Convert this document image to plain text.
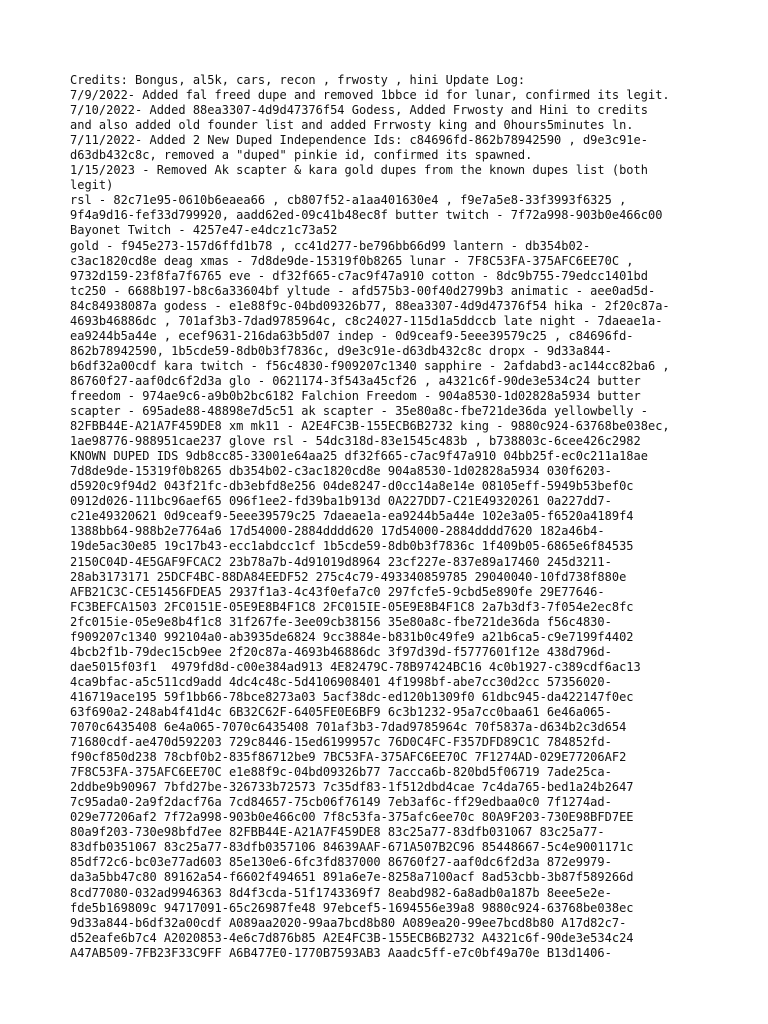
Credits: Bongus, al5k, cars, recon , frwosty , hini Update Log:
7/9/2022- Added fal freed dupe and removed 1bbce id for lunar, confirmed its legit.
7/10/2022- Added 88ea3307-4d9d47376f54 Godess, Added Frwosty and Hini to credits
and also added old founder list and added Frrwosty king and 0hours5minutes ln.
7/11/2022- Added 2 New Duped Independence Ids: c84696fd-862b78942590 , d9e3c91e-
d63db432c8c, removed a "duped" pinkie id, confirmed its spawned.
1/15/2023 - Removed Ak scapter & kara gold dupes from the known dupes list (both
legit)
rsl - 82c71e95-0610b6eaea66 , cb807f52-a1aa401630e4 , f9e7a5e8-33f3993f6325 ,
9f4a9d16-fef33d799920, aadd62ed-09c41b48ec8f butter twitch - 7f72a998-903b0e466c00
Bayonet Twitch - 4257e47-e4dcz1c73a52
gold - f945e273-157d6ffd1b78 , cc41d277-be796bb66d99 lantern - db354b02-
c3ac1820cd8e deag xmas - 7d8de9de-15319f0b8265 lunar - 7F8C53FA-375AFC6EE70C ,
9732d159-23f8fa7f6765 eve - df32f665-c7ac9f47a910 cotton - 8dc9b755-79edcc1401bd
tc250 - 6688b197-b8c6a33604bf yltude - afd575b3-00f40d2799b3 animatic - aee0ad5d-
84c84938087a godess - e1e88f9c-04bd09326b77, 88ea3307-4d9d47376f54 hika - 2f20c87a-
4693b46886dc , 701af3b3-7dad9785964c, c8c24027-115d1a5ddccb late night - 7daeae1a-
ea9244b5a44e , ecef9631-216da63b5d07 indep - 0d9ceaf9-5eee39579c25 , c84696fd-
862b78942590, 1b5cde59-8db0b3f7836c, d9e3c91e-d63db432c8c dropx - 9d33a844-
b6df32a00cdf kara twitch - f56c4830-f909207c1340 sapphire - 2afdabd3-ac144cc82ba6 ,
86760f27-aaf0dc6f2d3a glo - 0621174-3f543a45cf26 , a4321c6f-90de3e534c24 butter
freedom - 974ae9c6-a9b0b2bc6182 Falchion Freedom - 904a8530-1d02828a5934 butter
scapter - 695ade88-48898e7d5c51 ak scapter - 35e80a8c-fbe721de36da yellowbelly -
82FBB44E-A21A7F459DE8 xm mk11 - A2E4FC3B-155ECB6B2732 king - 9880c924-63768be038ec,
1ae98776-988951cae237 glove rsl - 54dc318d-83e1545c483b , b738803c-6cee426c2982
KNOWN DUPED IDS 9db8cc85-33001e64aa25 df32f665-c7ac9f47a910 04bb25f-ec0c211a18ae
7d8de9de-15319f0b8265 db354b02-c3ac1820cd8e 904a8530-1d02828a5934 030f6203-
d5920c9f94d2 043f21fc-db3ebfd8e256 04de8247-d0cc14a8e14e 08105eff-5949b53bef0c
0912d026-111bc96aef65 096f1ee2-fd39ba1b913d 0A227DD7-C21E49320261 0a227dd7-
c21e49320621 0d9ceaf9-5eee39579c25 7daeae1a-ea9244b5a44e 102e3a05-f6520a4189f4
1388bb64-988b2e7764a6 17d54000-2884dddd620 17d54000-2884dddd7620 182a46b4-
19de5ac30e85 19c17b43-ecc1abdcc1cf 1b5cde59-8db0b3f7836c 1f409b05-6865e6f84535
2150C04D-4E5GAF9FCAC2 23b78a7b-4d91019d8964 23cf227e-837e89a17460 245d3211-
28ab3173171 25DCF4BC-88DA84EEDF52 275c4c79-493340859785 29040040-10fd738f880e
AFB21C3C-CE51456FDEA5 2937f1a3-4c43f0efa7c0 297fcfe5-9cbd5e890fe 29E77646-
FC3BEFCA1503 2FC0151E-05E9E8B4F1C8 2FC015IE-05E9E8B4F1C8 2a7b3df3-7f054e2ec8fc
2fc015ie-05e9e8b4f1c8 31f267fe-3ee09cb38156 35e80a8c-fbe721de36da f56c4830-
f909207c1340 992104a0-ab3935de6824 9cc3884e-b831b0c49fe9 a21b6ca5-c9e7199f4402
4bcb2f1b-79dec15cb9ee 2f20c87a-4693b46886dc 3f97d39d-f5777601f12e 438d796d-
dae5015f03f1  4979fd8d-c00e384ad913 4E82479C-78B97424BC16 4c0b1927-c389cdf6ac13
4ca9bfac-a5c511cd9add 4dc4c48c-5d4106908401 4f1998bf-abe7cc30d2cc 57356020-
416719ace195 59f1bb66-78bce8273a03 5acf38dc-ed120b1309f0 61dbc945-da422147f0ec
63f690a2-248ab4f41d4c 6B32C62F-6405FE0E6BF9 6c3b1232-95a7cc0baa61 6e46a065-
7070c6435408 6e4a065-7070c6435408 701af3b3-7dad9785964c 70f5837a-d634b2c3d654
71680cdf-ae470d592203 729c8446-15ed6199957c 76D0C4FC-F357DFD89C1C 784852fd-
f90cf850d238 78cbf0b2-835f86712be9 7BC53FA-375AFC6EE70C 7F1274AD-029E77206AF2
7F8C53FA-375AFC6EE70C e1e88f9c-04bd09326b77 7accca6b-820bd5f06719 7ade25ca-
2ddbe9b90967 7bfd27be-326733b72573 7c35df83-1f512dbd4cae 7c4da765-bed1a24b2647
7c95ada0-2a9f2dacf76a 7cd84657-75cb06f76149 7eb3af6c-ff29edbaa0c0 7f1274ad-
029e77206af2 7f72a998-903b0e466c00 7f8c53fa-375afc6ee70c 80A9F203-730E98BFD7EE
80a9f203-730e98bfd7ee 82FBB44E-A21A7F459DE8 83c25a77-83dfb031067 83c25a77-
83dfb0351067 83c25a77-83dfb0357106 84639AAF-671A507B2C96 85448667-5c4e9001171c
85df72c6-bc03e77ad603 85e130e6-6fc3fd837000 86760f27-aaf0dc6f2d3a 872e9979-
da3a5bb47c80 89162a54-f6602f494651 891a6e7e-8258a7100acf 8ad53cbb-3b87f589266d
8cd77080-032ad9946363 8d4f3cda-51f1743369f7 8eabd982-6a8adb0a187b 8eee5e2e-
fde5b169809c 94717091-65c26987fe48 97ebcef5-1694556e39a8 9880c924-63768be038ec
9d33a844-b6df32a00cdf A089aa2020-99aa7bcd8b80 A089ea20-99ee7bcd8b80 A17d82c7-
d52eafe6b7c4 A2020853-4e6c7d876b85 A2E4FC3B-155ECB6B2732 A4321c6f-90de3e534c24
A47AB509-7FB23F33C9FF A6B477E0-1770B7593AB3 Aaadc5ff-e7c0bf49a70e B13d1406-
